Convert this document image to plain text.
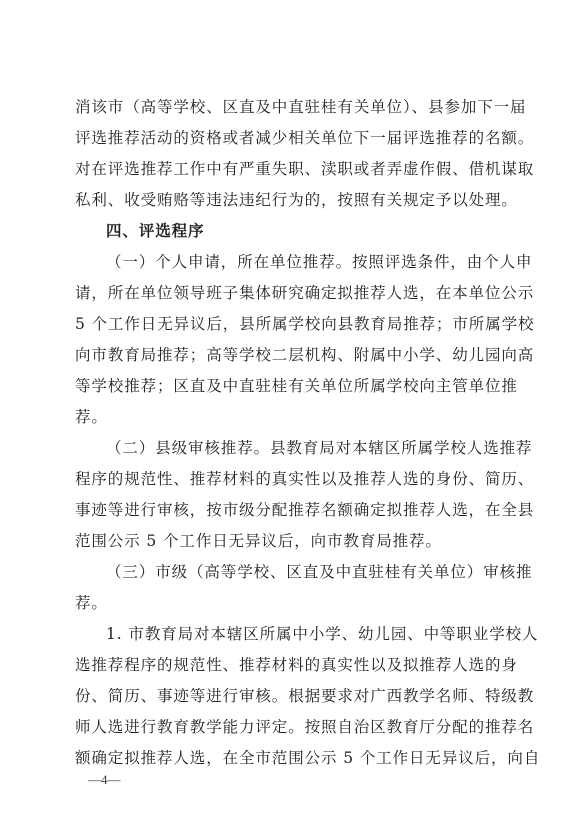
消该市（高等学校、区直及中直驻桂有关单位）、县参加下一届
评选推荐活动的资格或者减少相关单位下一届评选推荐的名额。
对在评选推荐工作中有严重失职、渎职或者弄虚作假、借机谋取
私利、收受贿赂等违法违纪行为的，按照有关规定予以处理。
四、评选程序
（一）个人申请，所在单位推荐。按照评选条件，由个人申
请，所在单位领导班子集体研究确定拟推荐人选，在本单位公示
5 个工作日无异议后，县所属学校向县教育局推荐；市所属学校
向市教育局推荐；高等学校二层机构、附属中小学、幼儿园向高
等学校推荐；区直及中直驻桂有关单位所属学校向主管单位推
荐。
（二）县级审核推荐。县教育局对本辖区所属学校人选推荐
程序的规范性、推荐材料的真实性以及推荐人选的身份、简历、
事迹等进行审核，按市级分配推荐名额确定拟推荐人选，在全县
范围公示 5 个工作日无异议后，向市教育局推荐。
（三）市级（高等学校、区直及中直驻桂有关单位）审核推
荐。
1. 市教育局对本辖区所属中小学、幼儿园、中等职业学校人
选推荐程序的规范性、推荐材料的真实性以及拟推荐人选的身
份、简历、事迹等进行审核。根据要求对广西教学名师、特级教
师人选进行教育教学能力评定。按照自治区教育厅分配的推荐名
额确定拟推荐人选，在全市范围公示 5 个工作日无异议后，向自
—4—
